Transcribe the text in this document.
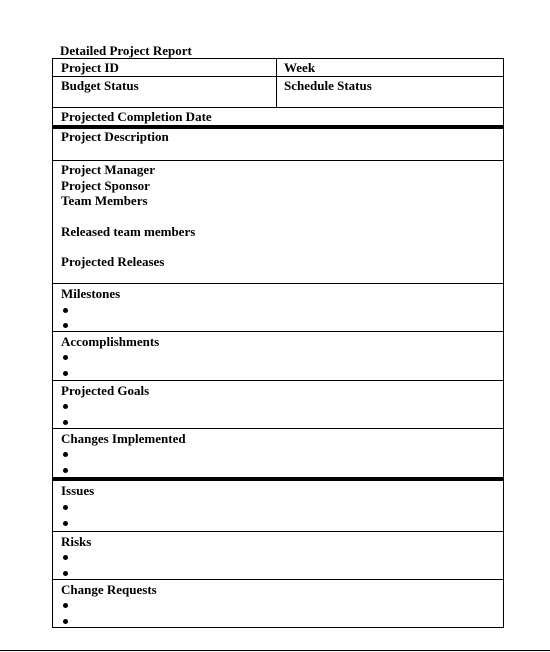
Detailed Project Report
Project ID	Week
Budget Status	Schedule Status
Projected Completion Date
Project Description
Project Manager
Project Sponsor
Team Members
Released team members
Projected Releases
Milestones
Accomplishments
Projected Goals
Changes Implemented
Issues
Risks
Change Requests
